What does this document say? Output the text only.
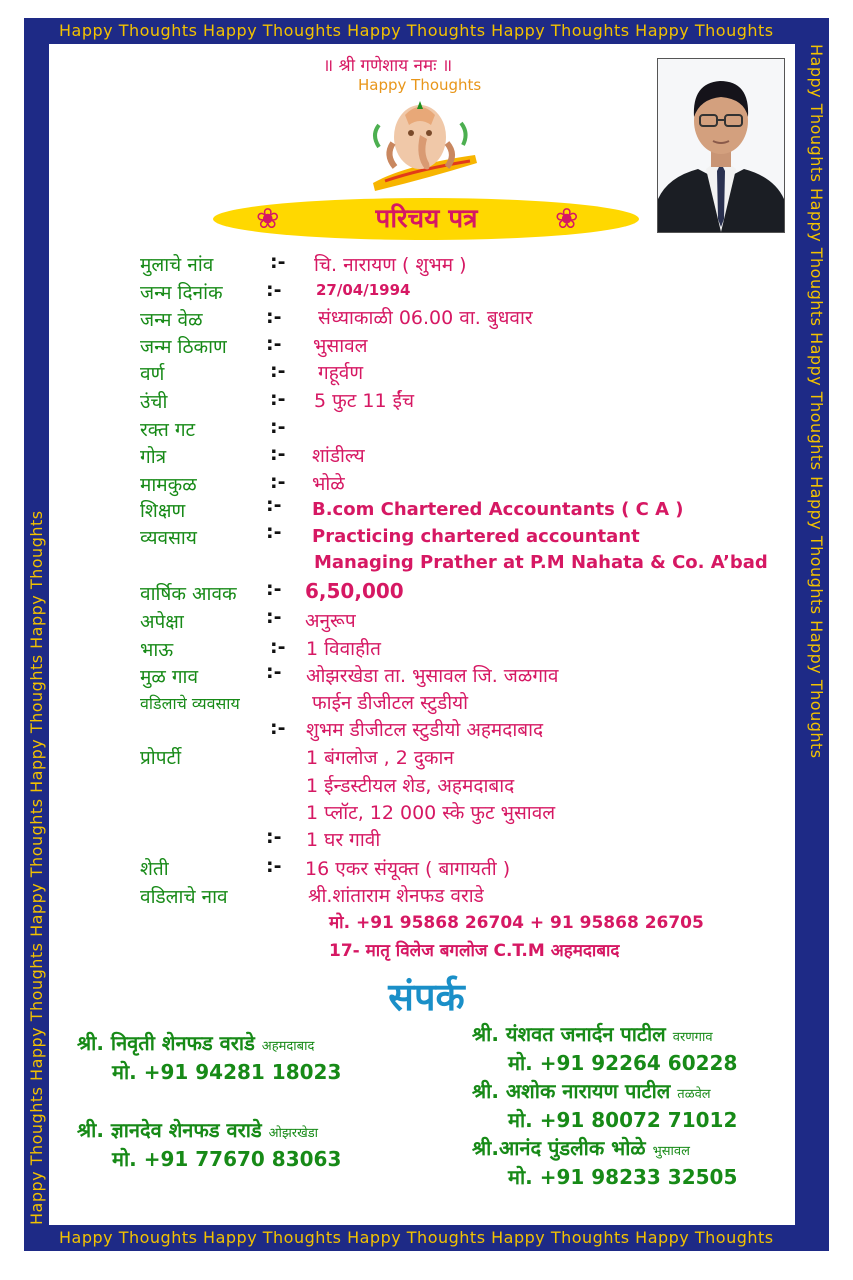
Happy Thoughts Happy Thoughts Happy Thoughts Happy Thoughts Happy Thoughts
Happy Thoughts Happy Thoughts Happy Thoughts Happy Thoughts Happy Thoughts
Happy Thoughts Happy Thoughts Happy Thoughts Happy Thoughts Happy Thoughts
Happy Thoughts Happy Thoughts Happy Thoughts Happy Thoughts Happy Thoughts
॥ श्री गणेशाय नमः ॥
Happy Thoughts
❀	❀
परिचय पत्र
मुलाचे नांव	:- चि. नारायण ( शुभम )
जन्म दिनांक :- 27/04/1994
जन्म वेळ	:- संध्याकाळी 06.00 वा. बुधवार
जन्म ठिकाण :- भुसावल
वर्ण	:- गहूर्वण
उंची	:- 5 फुट 11 ईंच
रक्त गट	:-
गोत्र	:- शांडील्य
मामकुळ	:- भोळे
शिक्षण	:- B.com Chartered Accountants ( C A )
व्यवसाय	:- Practicing chartered accountant
Managing Prather at P.M Nahata & Co. A’bad
वार्षिक आवक :- 6,50,000
अपेक्षा	:- अनुरूप
भाऊ	:- 1 विवाहीत
मुळ गाव	:- ओझरखेडा ता. भुसावल जि. जळगाव
वडिलाचे व्यवसाय	फाईन डीजीटल स्टुडीयो
:- शुभम डीजीटल स्टुडीयो अहमदाबाद
प्रोपर्टी	1 बंगलोज , 2 दुकान
1 ईन्डस्टीयल शेड, अहमदाबाद
1 प्लॉट, 12 000 स्के फुट भुसावल
:- 1 घर गावी
शेती	:- 16 एकर संयूक्त ( बागायती )
वडिलाचे नाव	श्री.शांताराम शेनफड वराडे
मो. +91 95868 26704 + 91 95868 26705
17- मातृ विलेज बगलोज C.T.M अहमदाबाद
संपर्क
श्री. निवृती शेनफड वराडे अहमदाबाद
मो. +91 94281 18023
श्री. ज्ञानदेव शेनफड वराडे ओझरखेडा
मो. +91 77670 83063
श्री. यंशवत जनार्दन पाटील वरणगाव
मो. +91 92264 60228
श्री. अशोक नारायण पाटील तळवेल
मो. +91 80072 71012
श्री.आनंद पुंडलीक भोळे भुसावल
मो. +91 98233 32505
